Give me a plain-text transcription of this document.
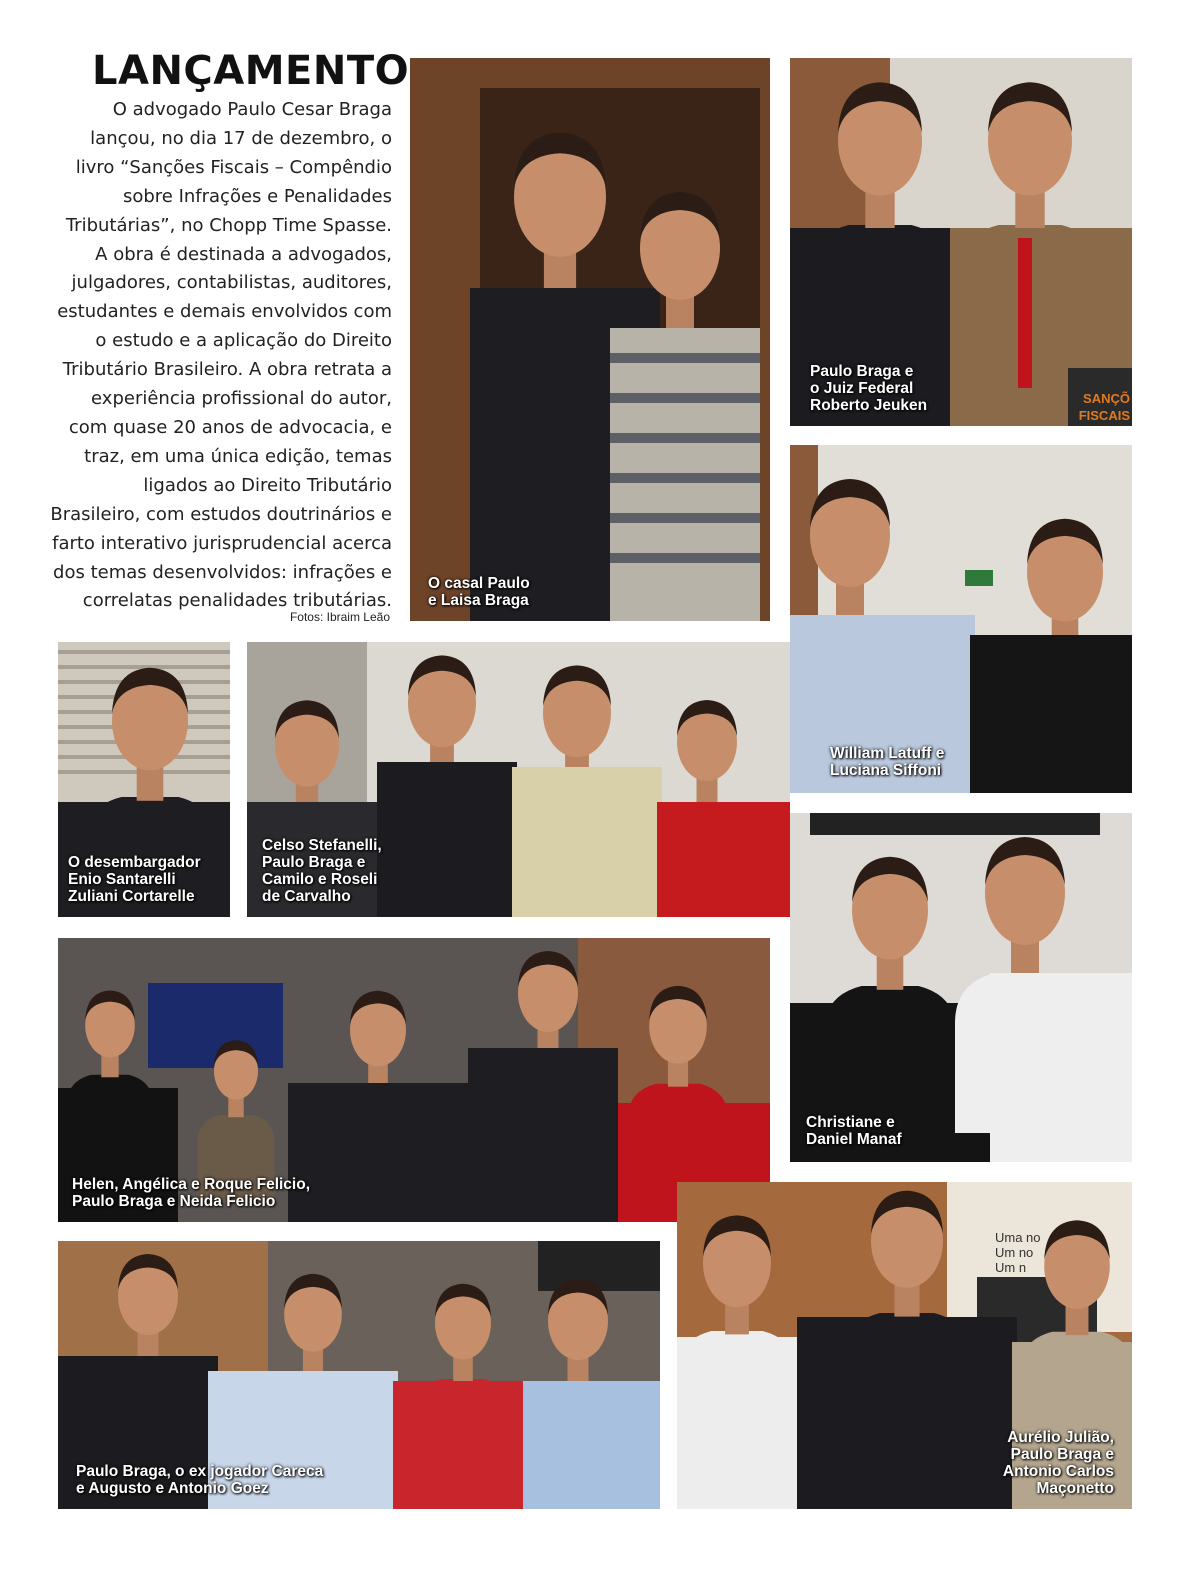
LANÇAMENTO

O advogado Paulo Cesar Braga lançou, no dia 17 de dezembro, o livro “Sanções Fiscais – Compêndio sobre Infrações e Penalidades Tributárias”, no Chopp Time Spasse. A obra é destinada a advogados, julgadores, contabilistas, auditores, estudantes e demais envolvidos com o estudo e a aplicação do Direito Tributário Brasileiro. A obra retrata a experiência profissional do autor, com quase 20 anos de advocacia, e traz, em uma única edição, temas ligados ao Direito Tributário Brasileiro, com estudos doutrinários e farto interativo jurisprudencial acerca dos temas desenvolvidos: infrações e correlatas penalidades tributárias.

Fotos: Ibraim Leão
O casal Paulo
e Laisa Braga
SANÇÕ
FISCAIS
Paulo Braga e
o Juiz Federal
Roberto Jeuken
William Latuff e
Luciana Siffoni
O desembargador
Enio Santarelli
Zuliani Cortarelle
Celso Stefanelli,
Paulo Braga e
Camilo e Roseli
de Carvalho
Christiane e
Daniel Manaf
Helen, Angélica e Roque Felicio,
Paulo Braga e Neida Felicio
Paulo Braga, o ex jogador Careca
e Augusto e Antonio Goez
Uma no
Um no
Um n
Aurélio Julião,
Paulo Braga e
Antonio Carlos
Maçonetto
